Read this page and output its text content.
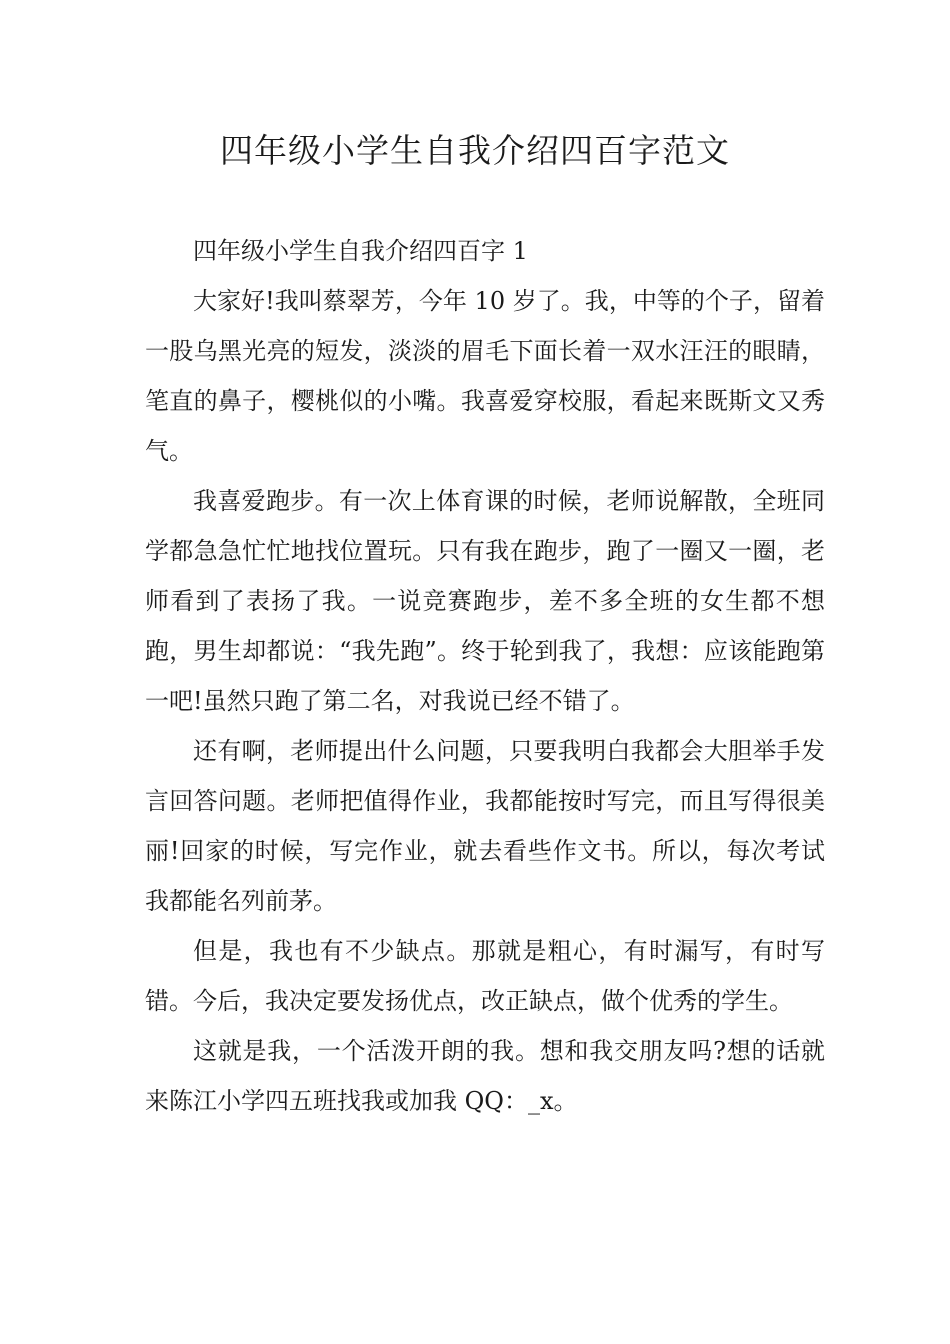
四年级小学生自我介绍四百字范文

四年级小学生自我介绍四百字 1

大家好!我叫蔡翠芳，今年 10 岁了。我，中等的个子，留着一股乌黑光亮的短发，淡淡的眉毛下面长着一双水汪汪的眼睛，笔直的鼻子，樱桃似的小嘴。我喜爱穿校服，看起来既斯文又秀气。

我喜爱跑步。有一次上体育课的时候，老师说解散，全班同学都急急忙忙地找位置玩。只有我在跑步，跑了一圈又一圈，老师看到了表扬了我。一说竞赛跑步，差不多全班的女生都不想跑，男生却都说：“我先跑”。终于轮到我了，我想：应该能跑第一吧!虽然只跑了第二名，对我说已经不错了。

还有啊，老师提出什么问题，只要我明白我都会大胆举手发言回答问题。老师把值得作业，我都能按时写完，而且写得很美丽!回家的时候，写完作业，就去看些作文书。所以，每次考试我都能名列前茅。

但是，我也有不少缺点。那就是粗心，有时漏写，有时写错。今后，我决定要发扬优点，改正缺点，做个优秀的学生。

这就是我，一个活泼开朗的我。想和我交朋友吗?想的话就来陈江小学四五班找我或加我 QQ：_x。
